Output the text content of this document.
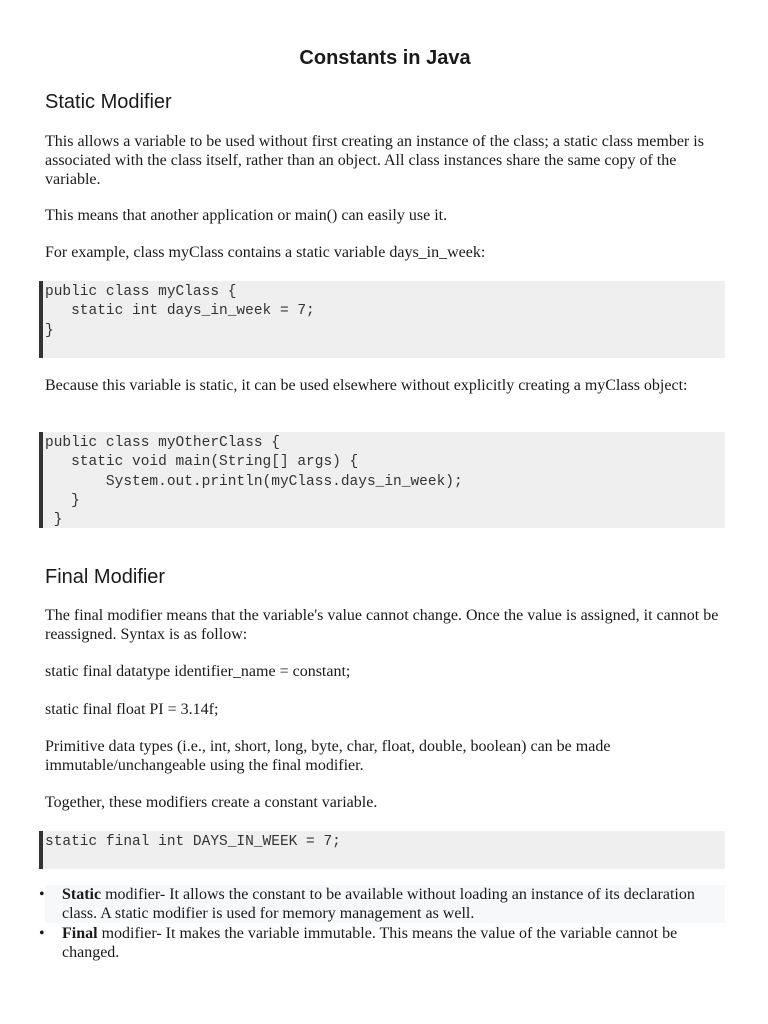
Constants in Java
Static Modifier

This allows a variable to be used without first creating an instance of the class; a static class member is associated with the class itself, rather than an object. All class instances share the same copy of the variable.

This means that another application or main() can easily use it.

For example, class myClass contains a static variable days_in_week:

public class myClass {
static int days_in_week = 7;
}

Because this variable is static, it can be used elsewhere without explicitly creating a myClass object:

public class myOtherClass {
static void main(String[] args) {
System.out.println(myClass.days_in_week);
}
}
Final Modifier

The final modifier means that the variable's value cannot change. Once the value is assigned, it cannot be reassigned. Syntax is as follow:

static final datatype identifier_name = constant;

static final float PI = 3.14f;

Primitive data types (i.e., int, short, long, byte, char, float, double, boolean) can be made immutable/unchangeable using the final modifier.

Together, these modifiers create a constant variable.

static final int DAYS_IN_WEEK = 7;
• Static modifier- It allows the constant to be available without loading an instance of its declaration class. A static modifier is used for memory management as well.
• Final modifier- It makes the variable immutable. This means the value of the variable cannot be changed.
